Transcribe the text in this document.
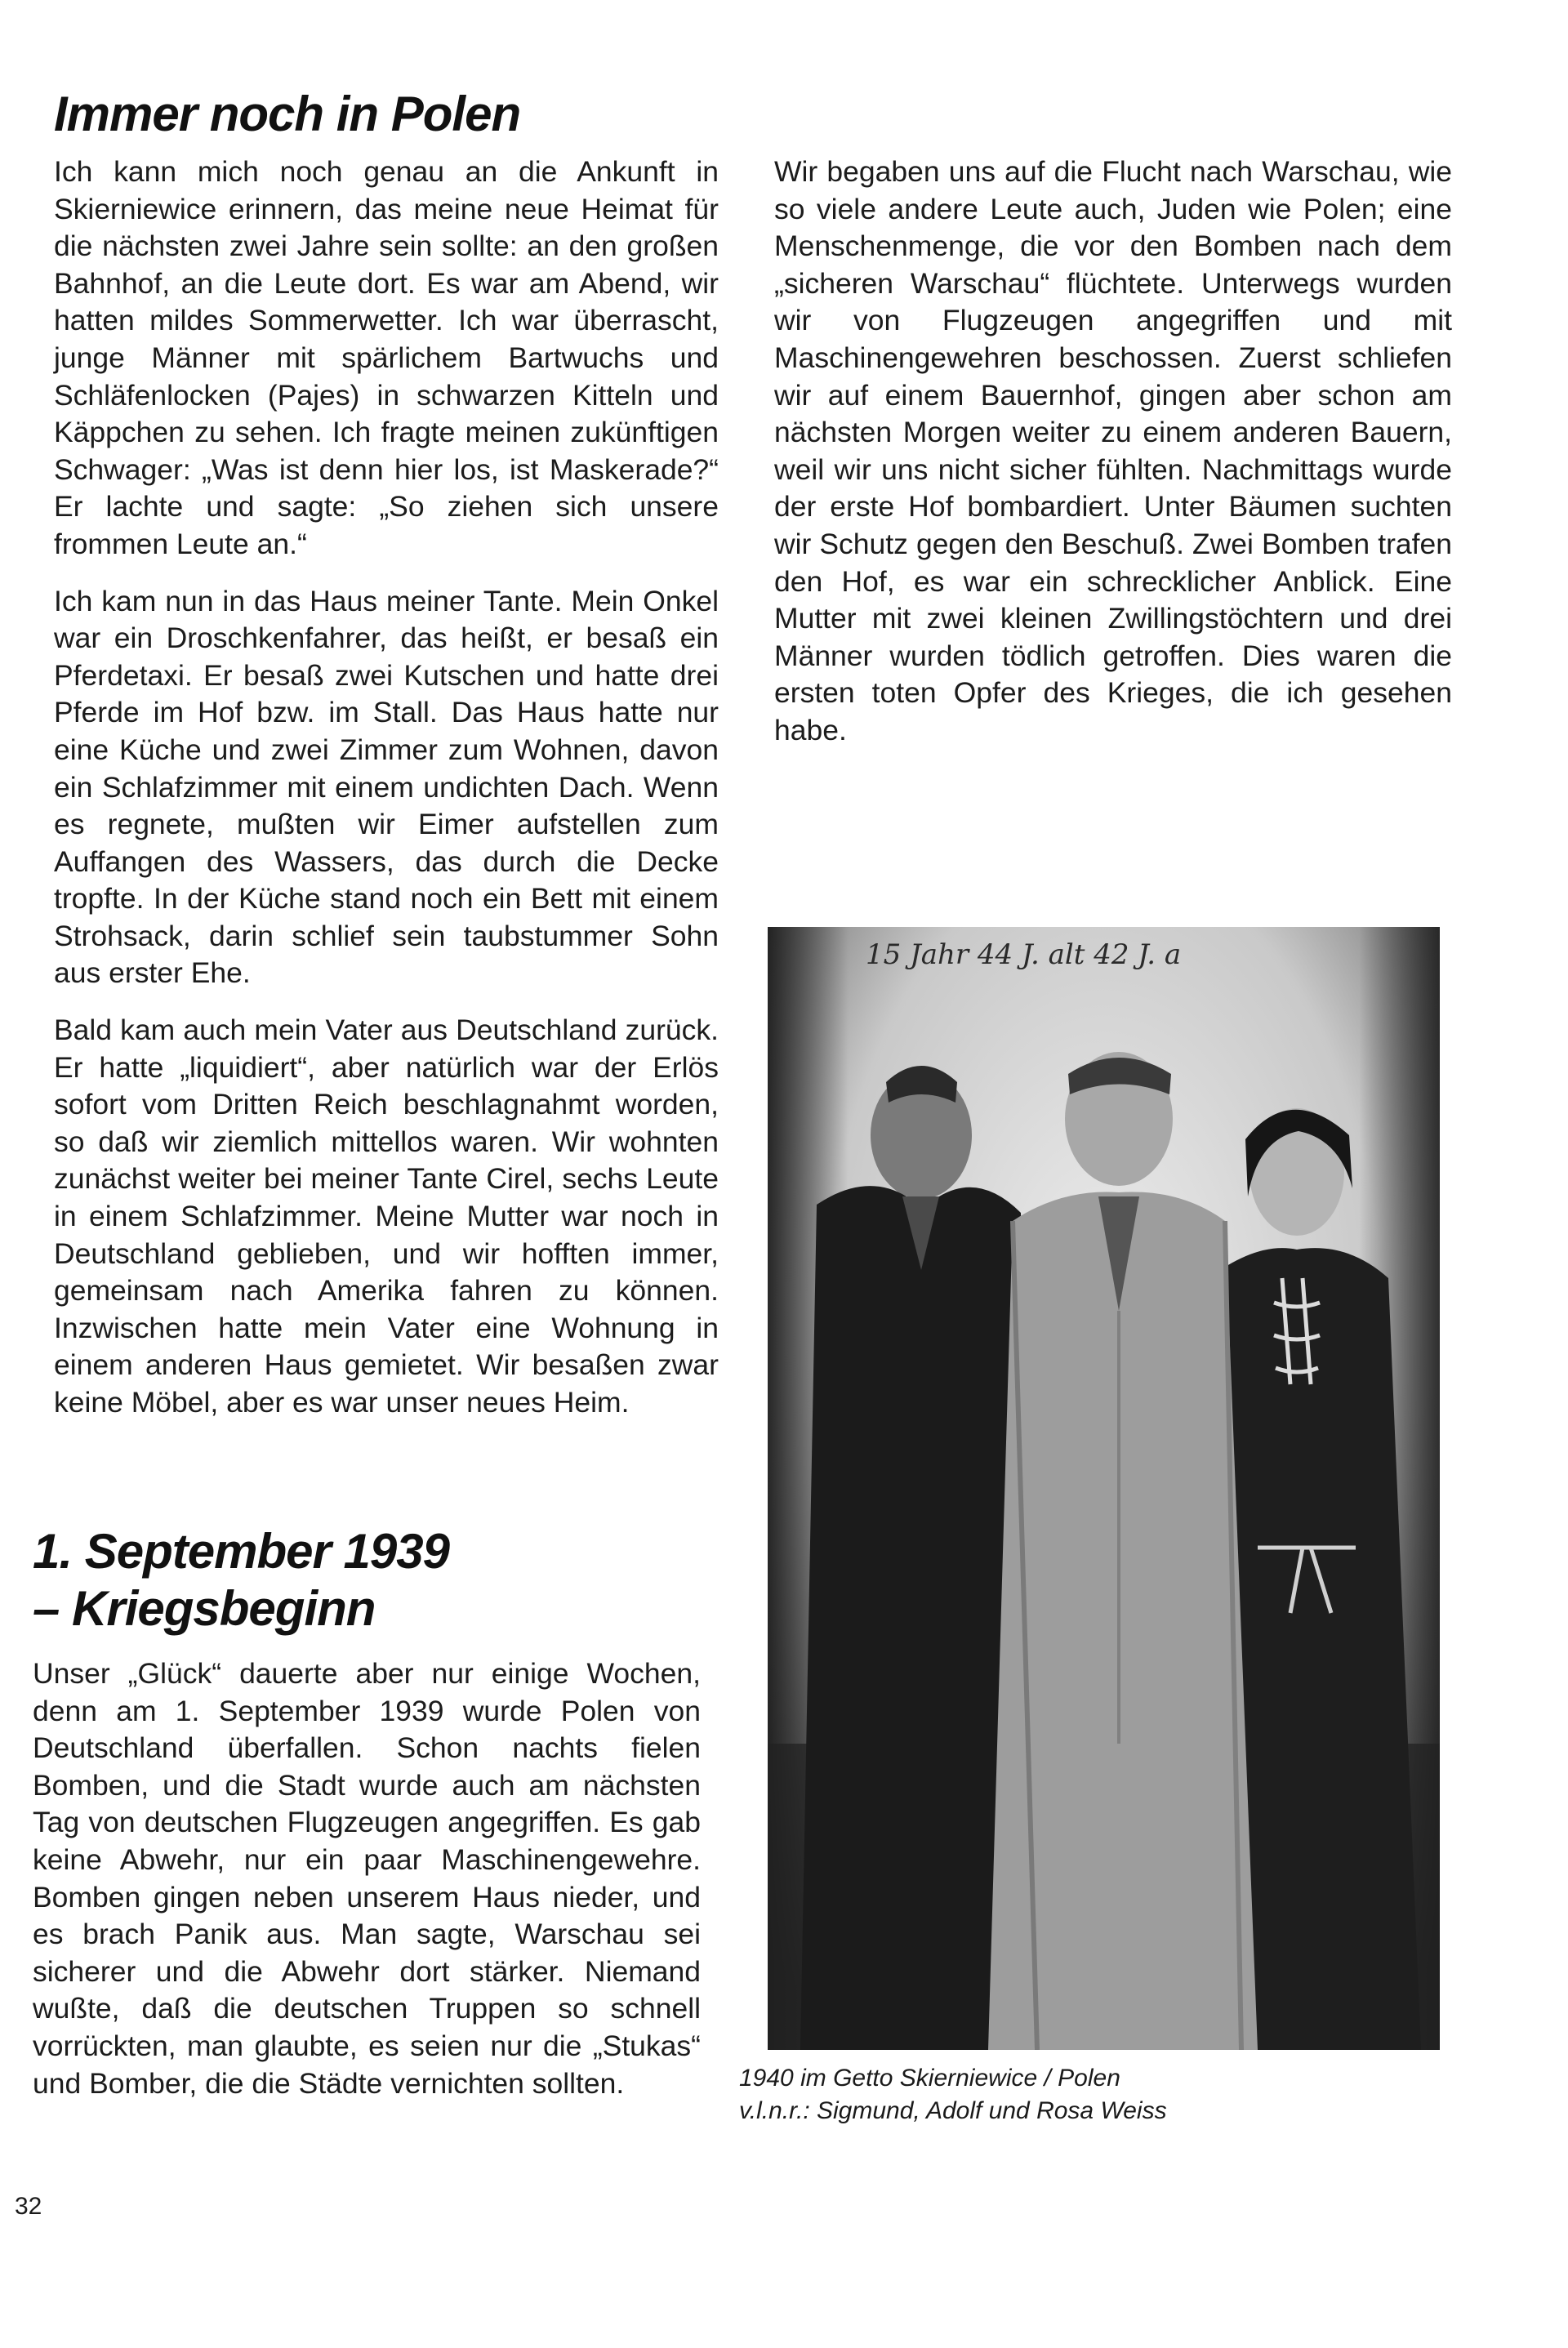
Immer noch in Polen

Ich kann mich noch genau an die Ankunft in Skierniewice erinnern, das meine neue Heimat für die nächsten zwei Jahre sein sollte: an den großen Bahnhof, an die Leute dort. Es war am Abend, wir hatten mildes Sommerwetter. Ich war überrascht, junge Männer mit spärlichem Bartwuchs und Schläfenlocken (Pajes) in schwarzen Kitteln und Käppchen zu sehen. Ich fragte meinen zukünftigen Schwager: „Was ist denn hier los, ist Maskerade?“ Er lachte und sagte: „So ziehen sich unsere frommen Leute an.“

Ich kam nun in das Haus meiner Tante. Mein Onkel war ein Droschkenfahrer, das heißt, er besaß ein Pferdetaxi. Er besaß zwei Kutschen und hatte drei Pferde im Hof bzw. im Stall. Das Haus hatte nur eine Küche und zwei Zimmer zum Wohnen, davon ein Schlafzimmer mit einem undichten Dach. Wenn es regnete, mußten wir Eimer aufstellen zum Auffangen des Wassers, das durch die Decke tropfte. In der Küche stand noch ein Bett mit einem Strohsack, darin schlief sein taubstummer Sohn aus erster Ehe.

Bald kam auch mein Vater aus Deutschland zurück. Er hatte „liquidiert“, aber natürlich war der Erlös sofort vom Dritten Reich beschlagnahmt worden, so daß wir ziemlich mittellos waren. Wir wohnten zunächst weiter bei meiner Tante Cirel, sechs Leute in einem Schlafzimmer. Meine Mutter war noch in Deutschland geblieben, und wir hofften immer, gemeinsam nach Amerika fahren zu können. Inzwischen hatte mein Vater eine Wohnung in einem anderen Haus gemietet. Wir besaßen zwar keine Möbel, aber es war unser neues Heim.

Wir begaben uns auf die Flucht nach Warschau, wie so viele andere Leute auch, Juden wie Polen; eine Menschenmenge, die vor den Bomben nach dem „sicheren Warschau“ flüchtete. Unterwegs wurden wir von Flugzeugen angegriffen und mit Maschinengewehren beschossen. Zuerst schliefen wir auf einem Bauernhof, gingen aber schon am nächsten Morgen weiter zu einem anderen Bauern, weil wir uns nicht sicher fühlten. Nachmittags wurde der erste Hof bombardiert. Unter Bäumen suchten wir Schutz gegen den Beschuß. Zwei Bomben trafen den Hof, es war ein schrecklicher Anblick. Eine Mutter mit zwei kleinen Zwillingstöchtern und drei Männer wurden tödlich getroffen. Dies waren die ersten toten Opfer des Krieges, die ich gesehen habe.

1. September 1939
– Kriegsbeginn

Unser „Glück“ dauerte aber nur einige Wochen, denn am 1. September 1939 wurde Polen von Deutschland überfallen. Schon nachts fielen Bomben, und die Stadt wurde auch am nächsten Tag von deutschen Flugzeugen angegriffen. Es gab keine Abwehr, nur ein paar Maschinengewehre. Bomben gingen neben unserem Haus nieder, und es brach Panik aus. Man sagte, Warschau sei sicherer und die Abwehr dort stärker. Niemand wußte, daß die deutschen Truppen so schnell vorrückten, man glaubte, es seien nur die „Stukas“ und Bomber, die die Städte vernichten sollten.

15 Jahr 44 J. alt 42 J. a
1940 im Getto Skierniewice / Polen
v.l.n.r.: Sigmund, Adolf und Rosa Weiss
32
